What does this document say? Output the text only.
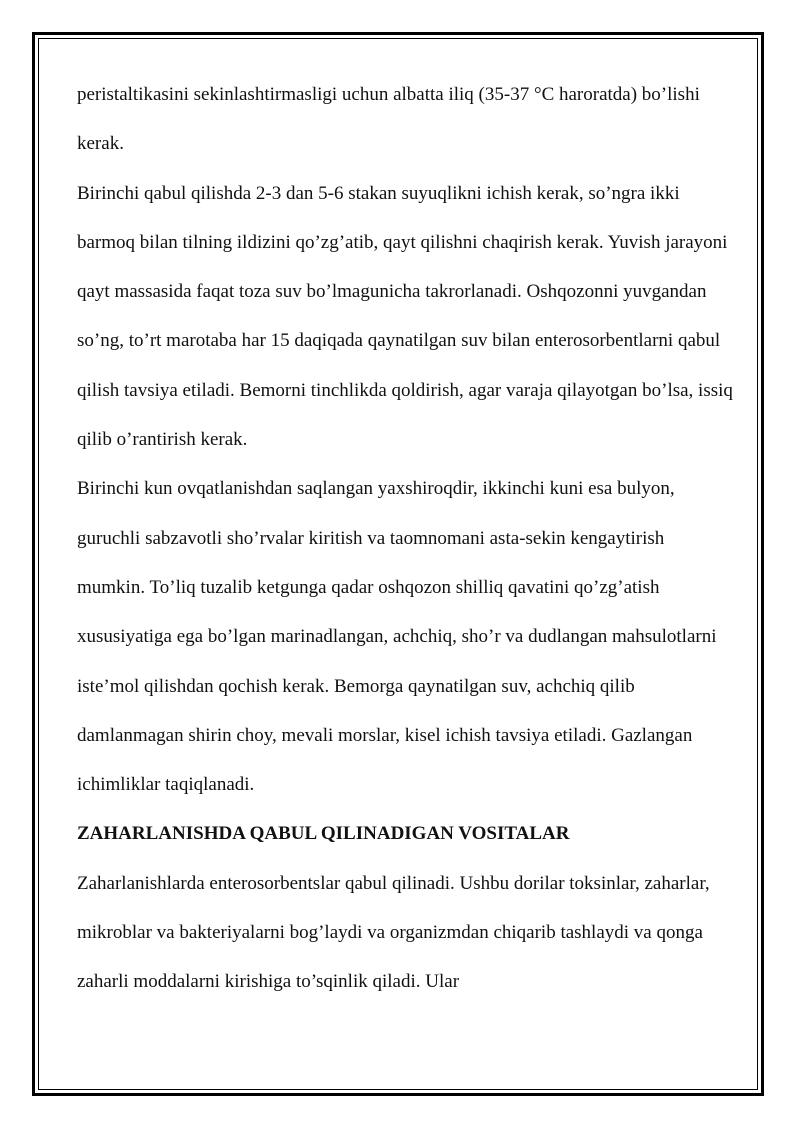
peristaltikasini sekinlashtirmasligi uchun albatta iliq (35-37 °C haroratda) bo’lishi kerak.

Birinchi qabul qilishda 2-3 dan 5-6 stakan suyuqlikni ichish kerak, so’ngra ikki barmoq bilan tilning ildizini qo’zg’atib, qayt qilishni chaqirish kerak. Yuvish jarayoni qayt massasida faqat toza suv bo’lmagunicha takrorlanadi. Oshqozonni yuvgandan so’ng, to’rt marotaba har 15 daqiqada qaynatilgan suv bilan enterosorbentlarni qabul qilish tavsiya etiladi. Bemorni tinchlikda qoldirish, agar varaja qilayotgan bo’lsa, issiq qilib o’rantirish kerak.

Birinchi kun ovqatlanishdan saqlangan yaxshiroqdir, ikkinchi kuni esa bulyon, guruchli sabzavotli sho’rvalar kiritish va taomnomani asta-sekin kengaytirish mumkin. To’liq tuzalib ketgunga qadar oshqozon shilliq qavatini qo’zg’atish xususiyatiga ega bo’lgan marinadlangan, achchiq, sho’r va dudlangan mahsulotlarni iste’mol qilishdan qochish kerak. Bemorga qaynatilgan suv, achchiq qilib damlanmagan shirin choy, mevali morslar, kisel ichish tavsiya etiladi. Gazlangan ichimliklar taqiqlanadi.

ZAHARLANISHDA QABUL QILINADIGAN VOSITALAR

Zaharlanishlarda enterosorbentslar qabul qilinadi. Ushbu dorilar toksinlar, zaharlar, mikroblar va bakteriyalarni bog’laydi va organizmdan chiqarib tashlaydi va qonga zaharli moddalarni kirishiga to’sqinlik qiladi. Ular
